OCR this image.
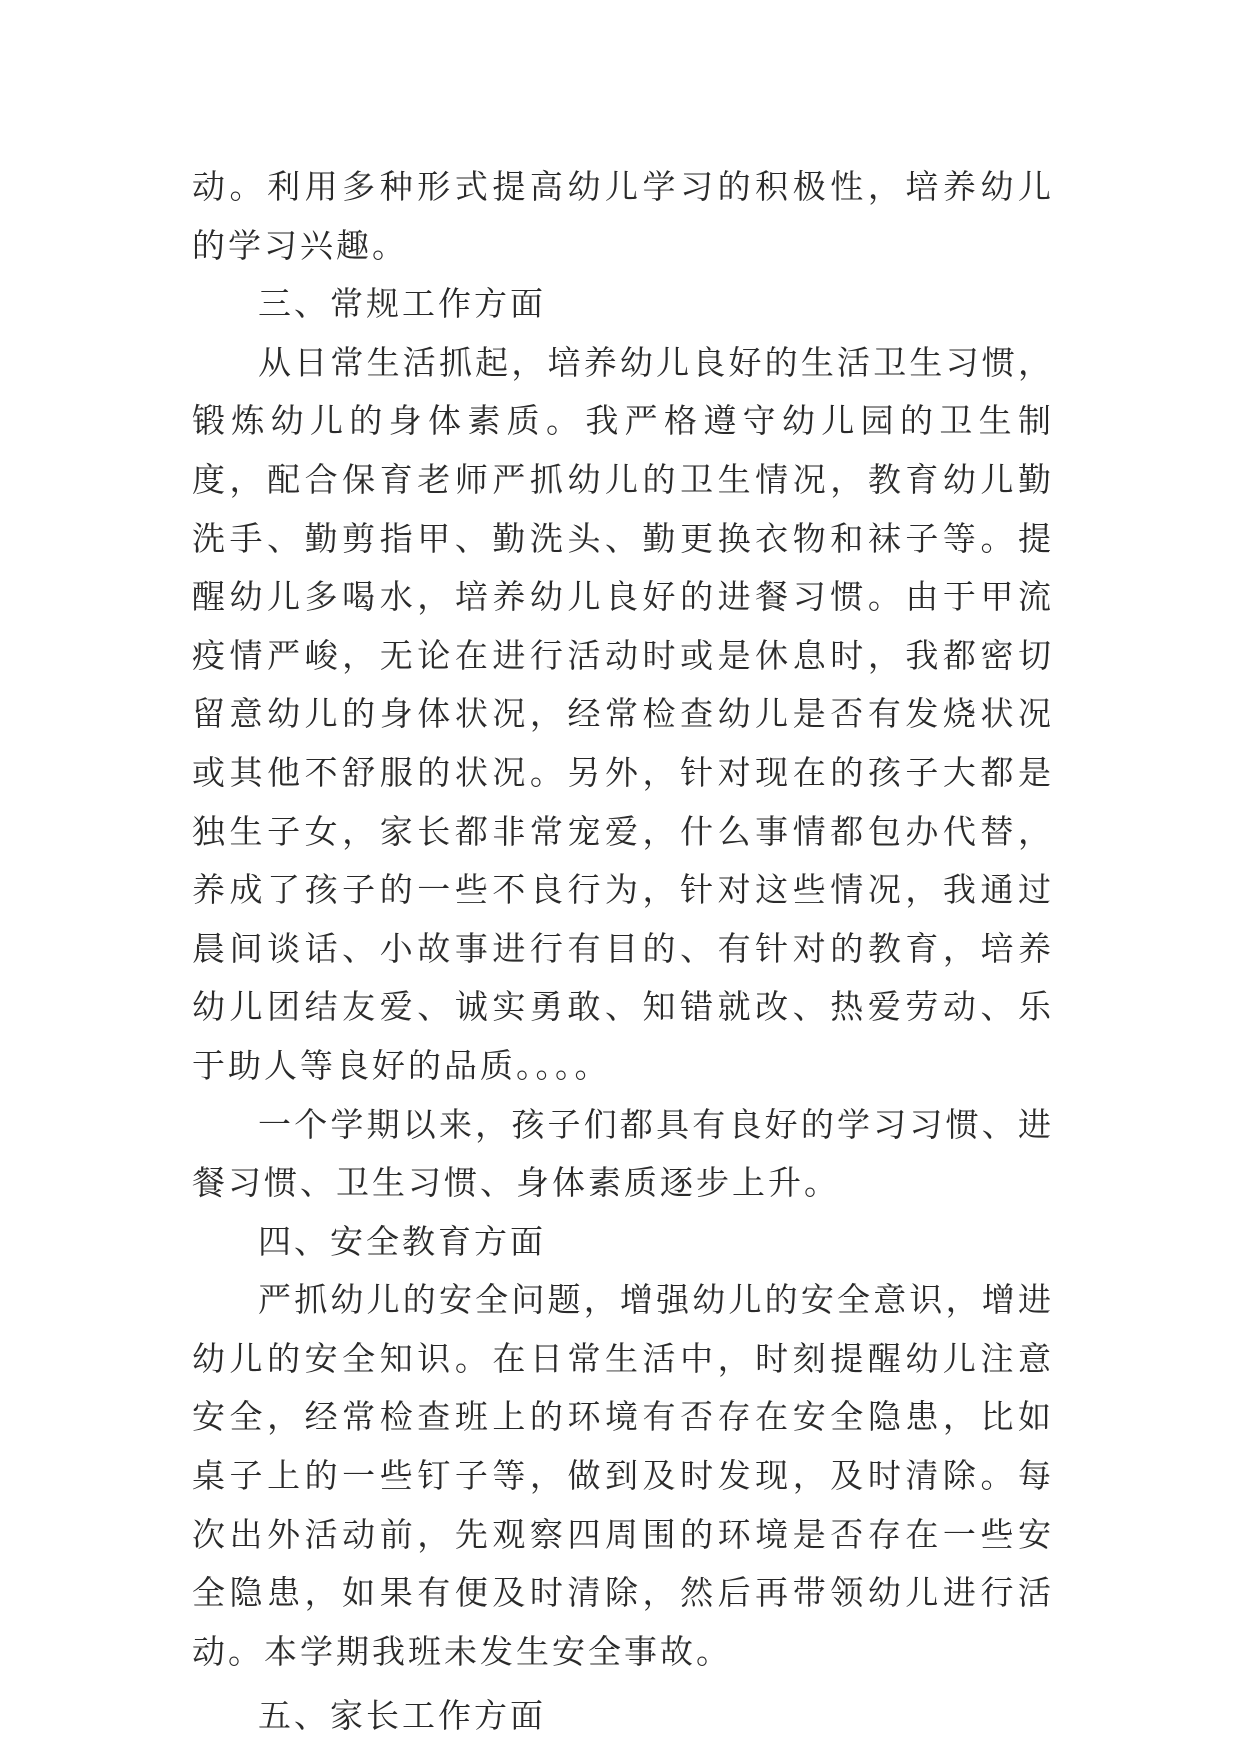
动。利用多种形式提高幼儿学习的积极性，培养幼儿的学习兴趣。

三、常规工作方面

从日常生活抓起，培养幼儿良好的生活卫生习惯，锻炼幼儿的身体素质。我严格遵守幼儿园的卫生制度，配合保育老师严抓幼儿的卫生情况，教育幼儿勤洗手、勤剪指甲、勤洗头、勤更换衣物和袜子等。提醒幼儿多喝水，培养幼儿良好的进餐习惯。由于甲流疫情严峻，无论在进行活动时或是休息时，我都密切留意幼儿的身体状况，经常检查幼儿是否有发烧状况或其他不舒服的状况。另外，针对现在的孩子大都是独生子女，家长都非常宠爱，什么事情都包办代替，养成了孩子的一些不良行为，针对这些情况，我通过晨间谈话、小故事进行有目的、有针对的教育，培养幼儿团结友爱、诚实勇敢、知错就改、热爱劳动、乐于助人等良好的品质。。。。

一个学期以来，孩子们都具有良好的学习习惯、进餐习惯、卫生习惯、身体素质逐步上升。

四、安全教育方面

严抓幼儿的安全问题，增强幼儿的安全意识，增进幼儿的安全知识。在日常生活中，时刻提醒幼儿注意安全，经常检查班上的环境有否存在安全隐患，比如桌子上的一些钉子等，做到及时发现，及时清除。每次出外活动前，先观察四周围的环境是否存在一些安全隐患，如果有便及时清除，然后再带领幼儿进行活动。本学期我班未发生安全事故。

五、家长工作方面
